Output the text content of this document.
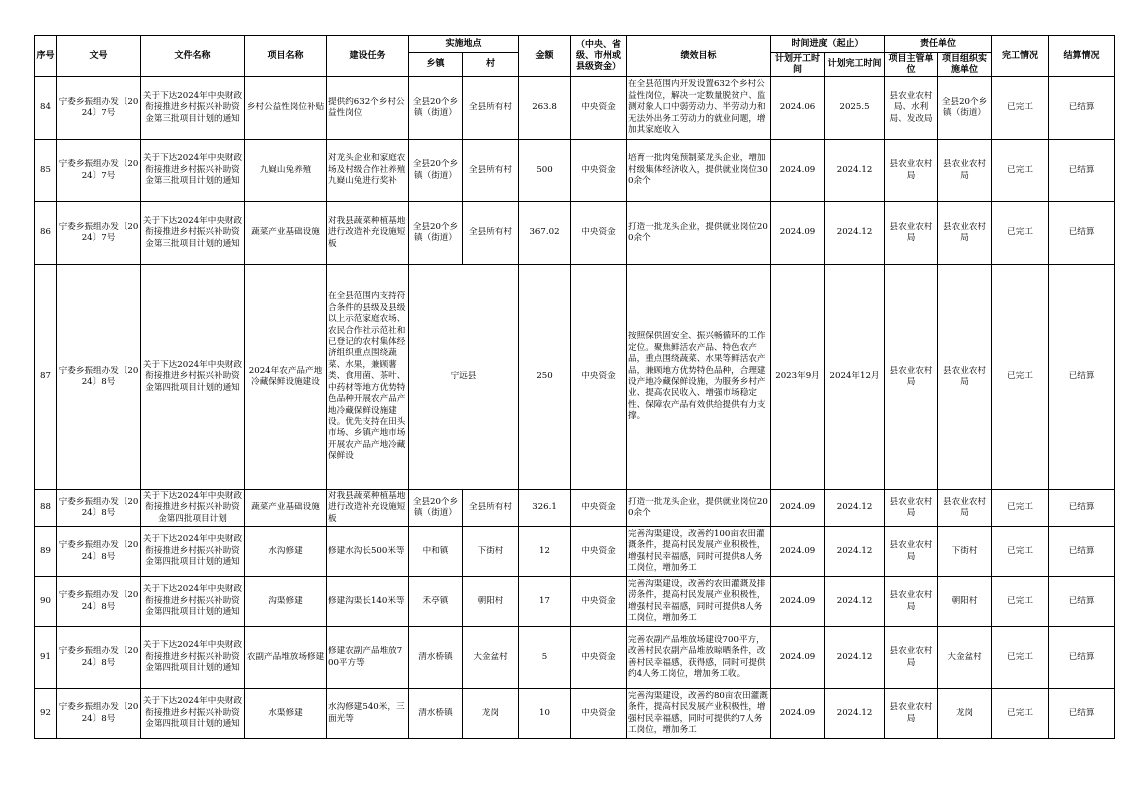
序号	文号	文件名称	项目名称	建设任务	实施地点		金额	（中央、省级、市州或县级资金）	绩效目标	时间进度（起止）		责任单位		完工情况	结算情况
					乡镇	村				计划开工时间	计划完工时间	项目主管单位	项目组织实施单位		

84	宁委乡振组办发〔2024〕7号	关于下达2024年中央财政衔接推进乡村振兴补助资金第三批项目计划的通知	乡村公益性岗位补贴	提供约632个乡村公益性岗位	全县20个乡镇（街道）	全县所有村	263.8	中央资金	在全县范围内开发设置632个乡村公益性岗位，解决一定数量脱贫户、监测对象人口中弱劳动力、半劳动力和无法外出务工劳动力的就业问题，增加其家庭收入	2024.06	2025.5	县农业农村局、水利局、发改局	全县20个乡镇（街道）	已完工	已结算

85	宁委乡振组办发〔2024〕7号	关于下达2024年中央财政衔接推进乡村振兴补助资金第三批项目计划的通知	九嶷山兔养殖	对龙头企业和家庭农场及村级合作社养殖九嶷山兔进行奖补	全县20个乡镇（街道）	全县所有村	500	中央资金	培育一批肉兔预制菜龙头企业，增加村级集体经济收入，提供就业岗位300余个	2024.09	2024.12	县农业农村局	县农业农村局	已完工	已结算

86	宁委乡振组办发〔2024〕7号	关于下达2024年中央财政衔接推进乡村振兴补助资金第三批项目计划的通知	蔬菜产业基础设施	对我县蔬菜种植基地进行改造补充设施短板	全县20个乡镇（街道）	全县所有村	367.02	中央资金	打造一批龙头企业，提供就业岗位200余个	2024.09	2024.12	县农业农村局	县农业农村局	已完工	已结算

87	宁委乡振组办发〔2024〕8号	关于下达2024年中央财政衔接推进乡村振兴补助资金第四批项目计划的通知	2024年农产品产地冷藏保鲜设施建设	在全县范围内支持符合条件的县级及县级以上示范家庭农场、农民合作社示范社和已登记的农村集体经济组织重点围绕蔬菜、水果，兼顾薯类、食用菌、茶叶、中药材等地方优势特色品种开展农产品产地冷藏保鲜设施建设。优先支持在田头市场、乡镇产地市场开展农产品产地冷藏保鲜设	宁远县		250	中央资金	按照保供固安全、振兴畅循环的工作定位。聚焦鲜活农产品、特色农产品，重点围绕蔬菜、水果等鲜活农产品，兼顾地方优势特色品种，合理建设产地冷藏保鲜设施，为服务乡村产业、提高农民收入、增强市场稳定性、保障农产品有效供给提供有力支撑。	2023年9月	2024年12月	县农业农村局	县农业农村局	已完工	已结算

88	宁委乡振组办发〔2024〕8号	关于下达2024年中央财政衔接推进乡村振兴补助资金第四批项目计划	蔬菜产业基础设施	对我县蔬菜种植基地进行改造补充设施短板	全县20个乡镇（街道）	全县所有村	326.1	中央资金	打造一批龙头企业，提供就业岗位200余个	2024.09	2024.12	县农业农村局	县农业农村局	已完工	已结算

89	宁委乡振组办发〔2024〕8号	关于下达2024年中央财政衔接推进乡村振兴补助资金第四批项目计划的通知	水沟修建	修建水沟长500米等	中和镇	下街村	12	中央资金	完善沟渠建设，改善约100亩农田灌溉条件，提高村民发展产业积极性，增强村民幸福感，同时可提供8人务工岗位，增加务工	2024.09	2024.12	县农业农村局	下街村	已完工	已结算

90	宁委乡振组办发〔2024〕8号	关于下达2024年中央财政衔接推进乡村振兴补助资金第四批项目计划的通知	沟渠修建	修建沟渠长140米等	禾亭镇	朝阳村	17	中央资金	完善沟渠建设，改善约农田灌溉及排涝条件，提高村民发展产业积极性，增强村民幸福感，同时可提供8人务工岗位，增加务工	2024.09	2024.12	县农业农村局	朝阳村	已完工	已结算

91	宁委乡振组办发〔2024〕8号	关于下达2024年中央财政衔接推进乡村振兴补助资金第四批项目计划的通知	农副产品堆放场修建	修建农副产品堆放700平方等	清水桥镇	大金盆村	5	中央资金	完善农副产品堆放场建设700平方，改善村民农副产品堆放晾晒条件，改善村民幸福感，获得感，同时可提供约4人务工岗位，增加务工收。	2024.09	2024.12	县农业农村局	大金盆村	已完工	已结算

92	宁委乡振组办发〔2024〕8号	关于下达2024年中央财政衔接推进乡村振兴补助资金第四批项目计划的通知	水渠修建	水沟修建540米，三面光等	清水桥镇	龙岗	10	中央资金	完善沟渠建设，改善约80亩农田灌溉条件，提高村民发展产业积极性，增强村民幸福感，同时可提供约7人务工岗位，增加务工	2024.09	2024.12	县农业农村局	龙岗	已完工	已结算
